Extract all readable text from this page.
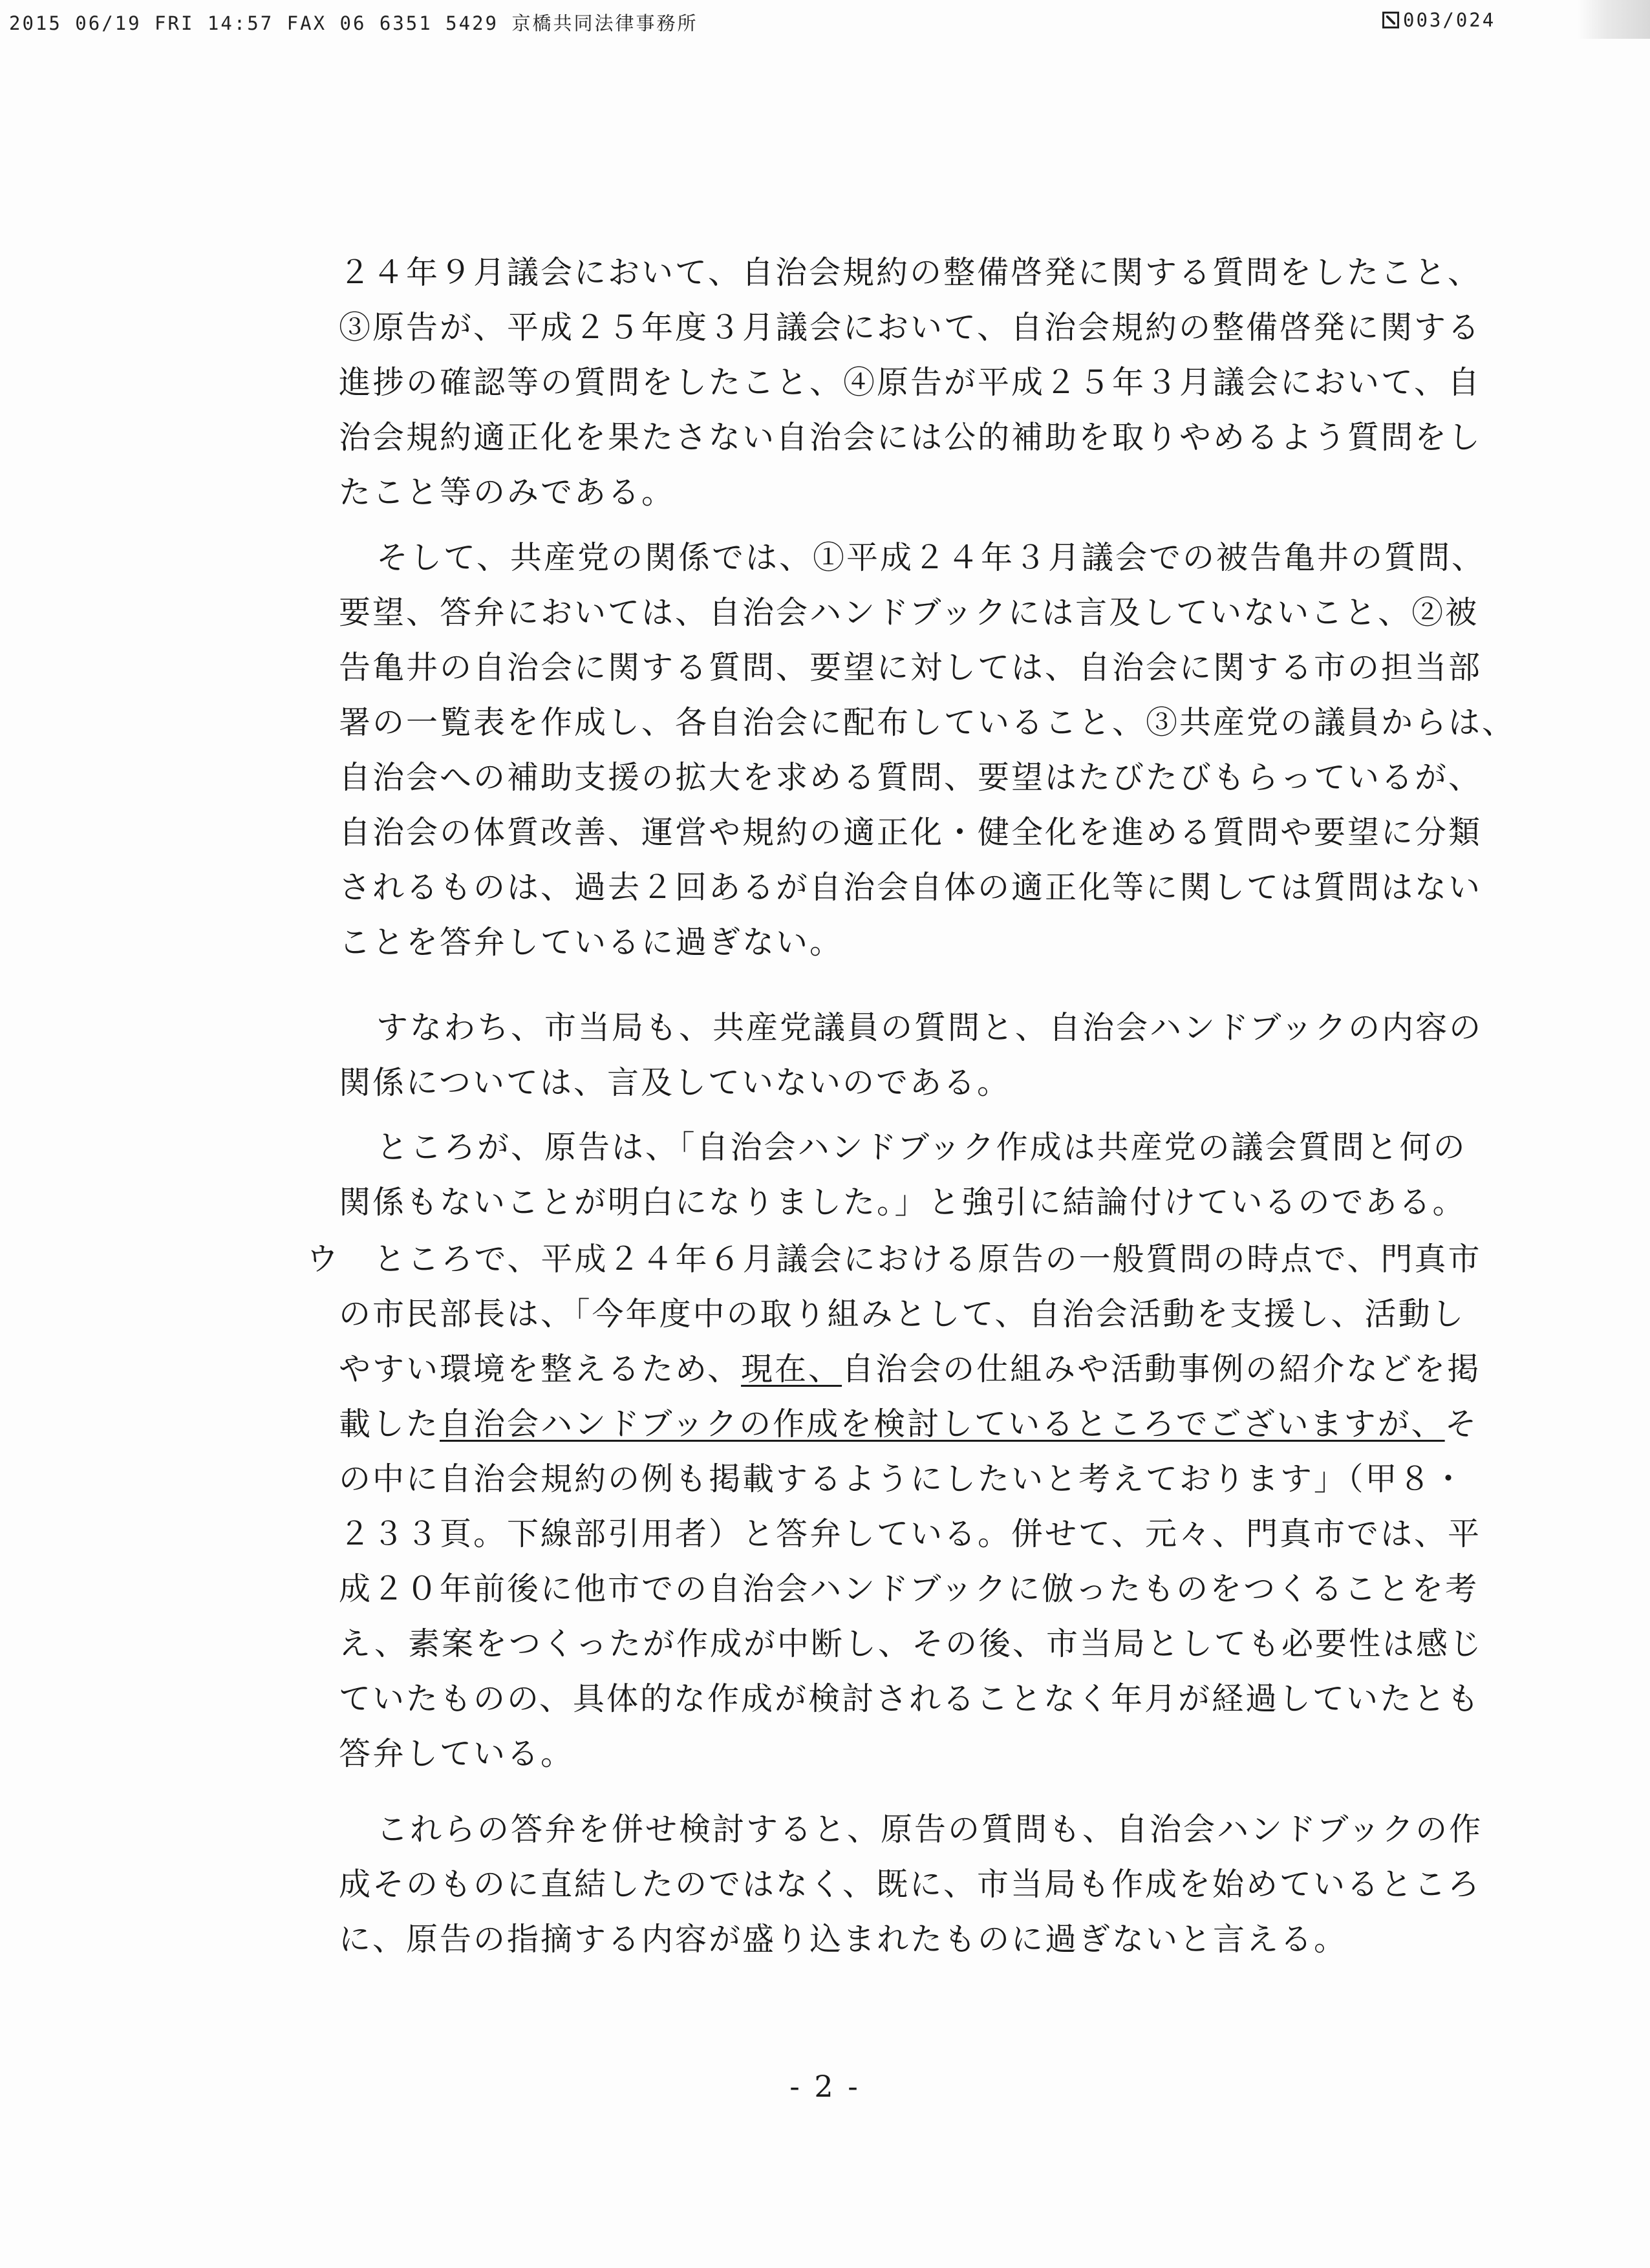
2015 06/19 FRI 14:57 FAX 06 6351 5429 京橋共同法律事務所	003/024
２４年９月議会において、自治会規約の整備啓発に関する質問をしたこと、
③原告が、平成２５年度３月議会において、自治会規約の整備啓発に関する
進捗の確認等の質問をしたこと、④原告が平成２５年３月議会において、自
治会規約適正化を果たさない自治会には公的補助を取りやめるよう質問をし
たこと等のみである。
そして、共産党の関係では、①平成２４年３月議会での被告亀井の質問、
要望、答弁においては、自治会ハンドブックには言及していないこと、②被
告亀井の自治会に関する質問、要望に対しては、自治会に関する市の担当部
署の一覧表を作成し、各自治会に配布していること、③共産党の議員からは、
自治会への補助支援の拡大を求める質問、要望はたびたびもらっているが、
自治会の体質改善、運営や規約の適正化・健全化を進める質問や要望に分類
されるものは、過去２回あるが自治会自体の適正化等に関しては質問はない
ことを答弁しているに過ぎない。
すなわち、市当局も、共産党議員の質問と、自治会ハンドブックの内容の
関係については、言及していないのである。
ところが、原告は、「自治会ハンドブック作成は共産党の議会質問と何の
関係もないことが明白になりました。」と強引に結論付けているのである。
ウ　ところで、平成２４年６月議会における原告の一般質問の時点で、門真市
の市民部長は、「今年度中の取り組みとして、自治会活動を支援し、活動し
やすい環境を整えるため、現在、自治会の仕組みや活動事例の紹介などを掲
載した自治会ハンドブックの作成を検討しているところでございますが、そ
の中に自治会規約の例も掲載するようにしたいと考えております」（甲８・
２３３頁。下線部引用者）と答弁している。併せて、元々、門真市では、平
成２０年前後に他市での自治会ハンドブックに倣ったものをつくることを考
え、素案をつくったが作成が中断し、その後、市当局としても必要性は感じ
ていたものの、具体的な作成が検討されることなく年月が経過していたとも
答弁している。
これらの答弁を併せ検討すると、原告の質問も、自治会ハンドブックの作
成そのものに直結したのではなく、既に、市当局も作成を始めているところ
に、原告の指摘する内容が盛り込まれたものに過ぎないと言える。
- 2 -
